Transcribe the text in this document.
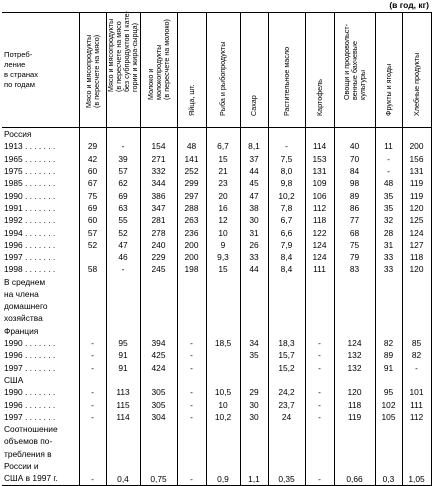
(в год, кг)
Потреб-
ление
в странах
по годам	Мясо и мясопродукты
(в пересчете на мясо)	Мясо и мясопродукты
(в пересчете на мясо
без субпродуктов I кате-
гории и жира-сырца)	Молоко и
молокопродукты
(в пересчете на молоко)	Яйца, шт.	Рыба и рыбопродукты	Сахар	Растительное масло	Картофель	Овощи и продовольст-
венные бахчевые
культуры	Фрукты и ягоды	Хлебные продукты

Россия											
1913 . . . . . . .	29	-	154	48	6,7	8,1	-	114	40	11	200
1965 . . . . . . .	42	39	271	141	15	37	7,5	153	70	-	156
1975 . . . . . . .	60	57	332	252	21	44	8,0	131	84	-	131
1985 . . . . . . .	67	62	344	299	23	45	9,8	109	98	48	119
1990 . . . . . . .	75	69	386	297	20	47	10,2	106	89	35	119
1991 . . . . . . .	69	63	347	288	16	38	7,8	112	86	35	120
1992 . . . . . . .	60	55	281	263	12	30	6,7	118	77	32	125
1994 . . . . . . .	57	52	278	236	10	31	6,6	122	68	28	124
1996 . . . . . . .	52	47	240	200	9	26	7,9	124	75	31	127
1997 . . . . . . .		46	229	200	9,3	33	8,4	124	79	33	118
1998 . . . . . . .	58	-	245	198	15	44	8,4	111	83	33	120
В среднем
на члена
домашнего
хозяйства											
Франция											
1990 . . . . . . .	-	95	394	-	18,5	34	18,3	-	124	82	85
1996 . . . . . . .	-	91	425	-		35	15,7	-	132	89	82
1997 . . . . . . .	-	91	424	-			15,2	-	132	91	-
США											
1990 . . . . . . .	-	113	305	-	10,5	29	24,2	-	120	95	101
1996 . . . . . . .	-	115	305	-	10	30	23,7	-	118	102	111
1997 . . . . . . .	-	114	304	-	10,2	30	24	-	119	105	112
Соотношение
объемов по-
требления в
России и
США в 1997 г.	-	0,4	0,75	-	0,9	1,1	0,35	-	0,66	0,3	1,05
